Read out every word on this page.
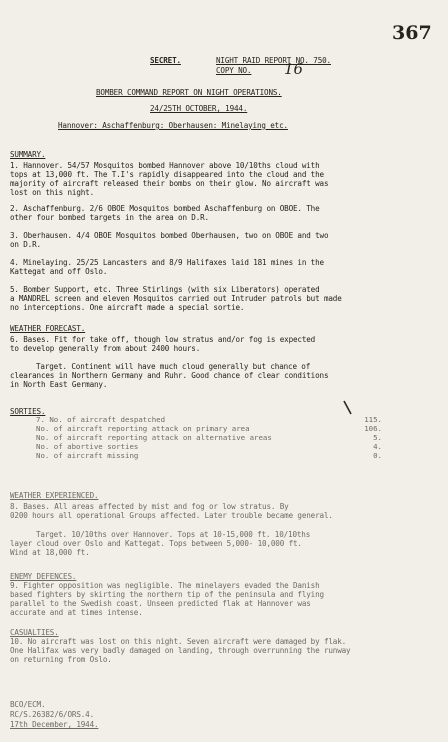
367
SECRET.	NIGHT RAID REPORT NO. 750.
COPY NO. 16
BOMBER COMMAND REPORT ON NIGHT OPERATIONS.
24/25TH OCTOBER, 1944.
Hannover: Aschaffenburg: Oberhausen: Minelaying etc.
SUMMARY.
1. Hannover. 54/57 Mosquitos bombed Hannover above 10/10ths cloud with
tops at 13,000 ft. The T.I's rapidly disappeared into the cloud and the
majority of aircraft released their bombs on their glow. No aircraft was
lost on this night.
2. Aschaffenburg. 2/6 OBOE Mosquitos bombed Aschaffenburg on OBOE. The
other four bombed targets in the area on D.R.
3. Oberhausen. 4/4 OBOE Mosquitos bombed Oberhausen, two on OBOE and two
on D.R.
4. Minelaying. 25/25 Lancasters and 8/9 Halifaxes laid 181 mines in the
Kattegat and off Oslo.
5. Bomber Support, etc. Three Stirlings (with six Liberators) operated
a MANDREL screen and eleven Mosquitos carried out Intruder patrols but made
no interceptions. One aircraft made a special sortie.
WEATHER FORECAST.
6. Bases. Fit for take off, though low stratus and/or fog is expected
to develop generally from about 2400 hours.
Target. Continent will have much cloud generally but chance of
clearances in Northern Germany and Ruhr. Good chance of clear conditions
in North East Germany.
SORTIES.
7. No. of aircraft despatched	115.
No. of aircraft reporting attack on primary area	106.
No. of aircraft reporting attack on alternative areas	5.
No. of abortive sorties	4.
No. of aircraft missing	0.
WEATHER EXPERIENCED.
8. Bases. All areas affected by mist and fog or low stratus. By
0200 hours all operational Groups affected. Later trouble became general.
Target. 10/10ths over Hannover. Tops at 10-15,000 ft. 10/10ths
layer cloud over Oslo and Kattegat. Tops between 5,000- 10,000 ft.
Wind at 18,000 ft.
ENEMY DEFENCES.
9. Fighter opposition was negligible. The minelayers evaded the Danish
based fighters by skirting the northern tip of the peninsula and flying
parallel to the Swedish coast. Unseen predicted flak at Hannover was
accurate and at times intense.
CASUALTIES.
10. No aircraft was lost on this night. Seven aircraft were damaged by flak.
One Halifax was very badly damaged on landing, through overrunning the runway
on returning from Oslo.
BCO/ECM.
RC/S.26382/6/ORS.4.
17th December, 1944.
